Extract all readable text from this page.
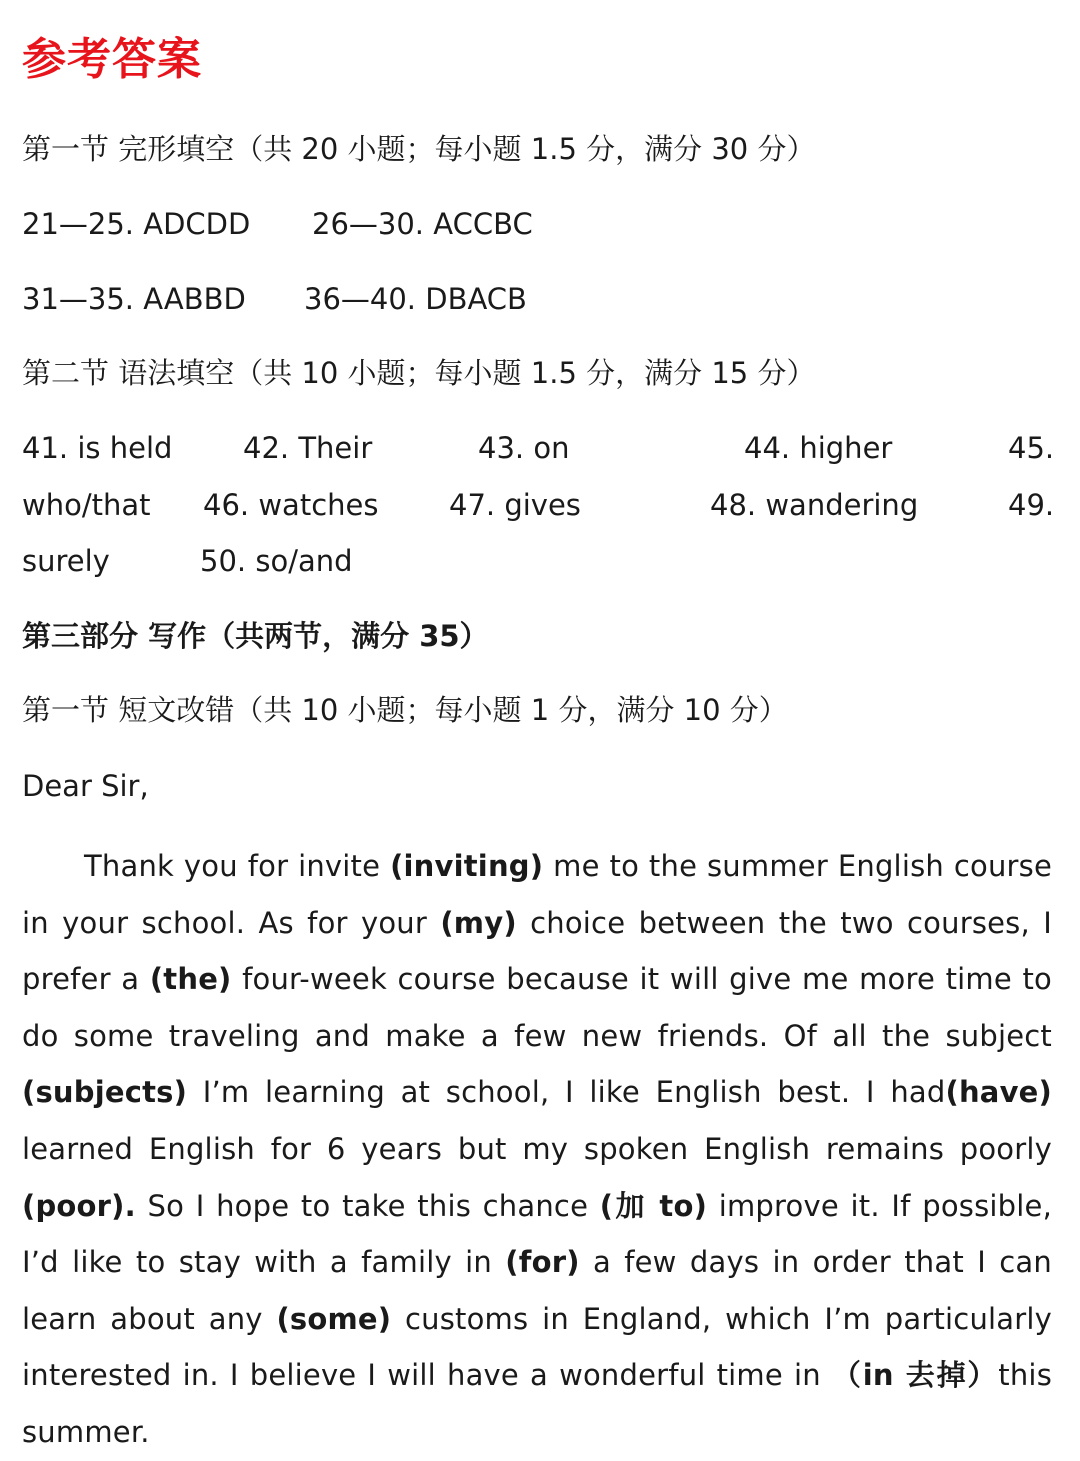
参考答案
第一节 完形填空（共 20 小题；每小题 1.5 分，满分 30 分）
21—25. ADCDD 26—30. ACCBC
31—35. AABBD 36—40. DBACB
第二节 语法填空（共 10 小题；每小题 1.5 分，满分 15 分）
41. is held 42. Their	43. on	44. higher	45.
who/that 46. watches 47. gives	48. wandering	49.
surely	50. so/and
第三部分 写作（共两节，满分 35）
第一节 短文改错（共 10 小题；每小题 1 分，满分 10 分）
Dear Sir,
Thank you for invite (inviting) me to the summer English course in your school. As for your (my) choice between the two courses, I prefer a (the) four-week course because it will give me more time to do some traveling and make a few new friends. Of all the subject (subjects) I’m learning at school, I like English best. I had(have) learned English for 6 years but my spoken English remains poorly (poor). So I hope to take this chance (加 to) improve it. If possible, I’d like to stay with a family in (for) a few days in order that I can learn about any (some) customs in England, which I’m particularly interested in. I believe I will have a wonderful time in （in 去掉）this summer.
